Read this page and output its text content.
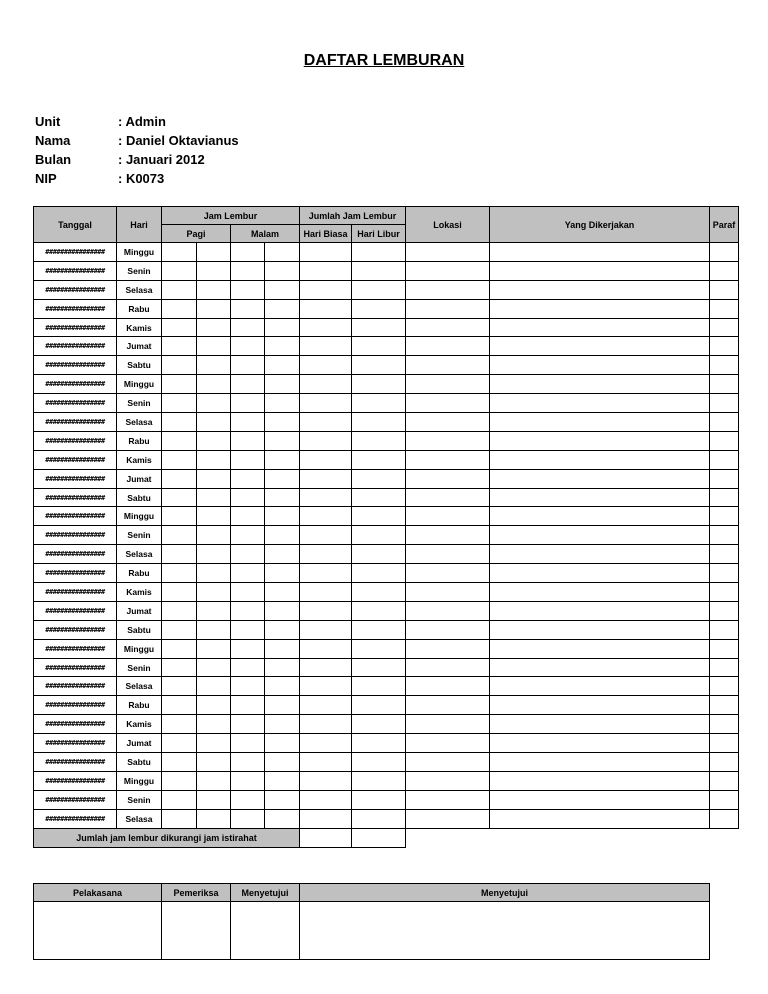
DAFTAR LEMBURAN
Unit	: Admin
Nama	: Daniel Oktavianus
Bulan	: Januari 2012
NIP	: K0073
Tanggal	Hari	Jam Lembur				Jumlah Jam Lembur		Lokasi	Yang Dikerjakan	Paraf
		Pagi		Malam		Hari Biasa	Hari Libur			
################	Minggu									
################	Senin									
################	Selasa									
################	Rabu									
################	Kamis									
################	Jumat									
################	Sabtu									
################	Minggu									
################	Senin									
################	Selasa									
################	Rabu									
################	Kamis									
################	Jumat									
################	Sabtu									
################	Minggu									
################	Senin									
################	Selasa									
################	Rabu									
################	Kamis									
################	Jumat									
################	Sabtu									
################	Minggu									
################	Senin									
################	Selasa									
################	Rabu									
################	Kamis									
################	Jumat									
################	Sabtu									
################	Minggu									
################	Senin									
################	Selasa									
Jumlah jam lembur dikurangi jam istirahat										
Pelakasana	Pemeriksa	Menyetujui	Menyetujui
